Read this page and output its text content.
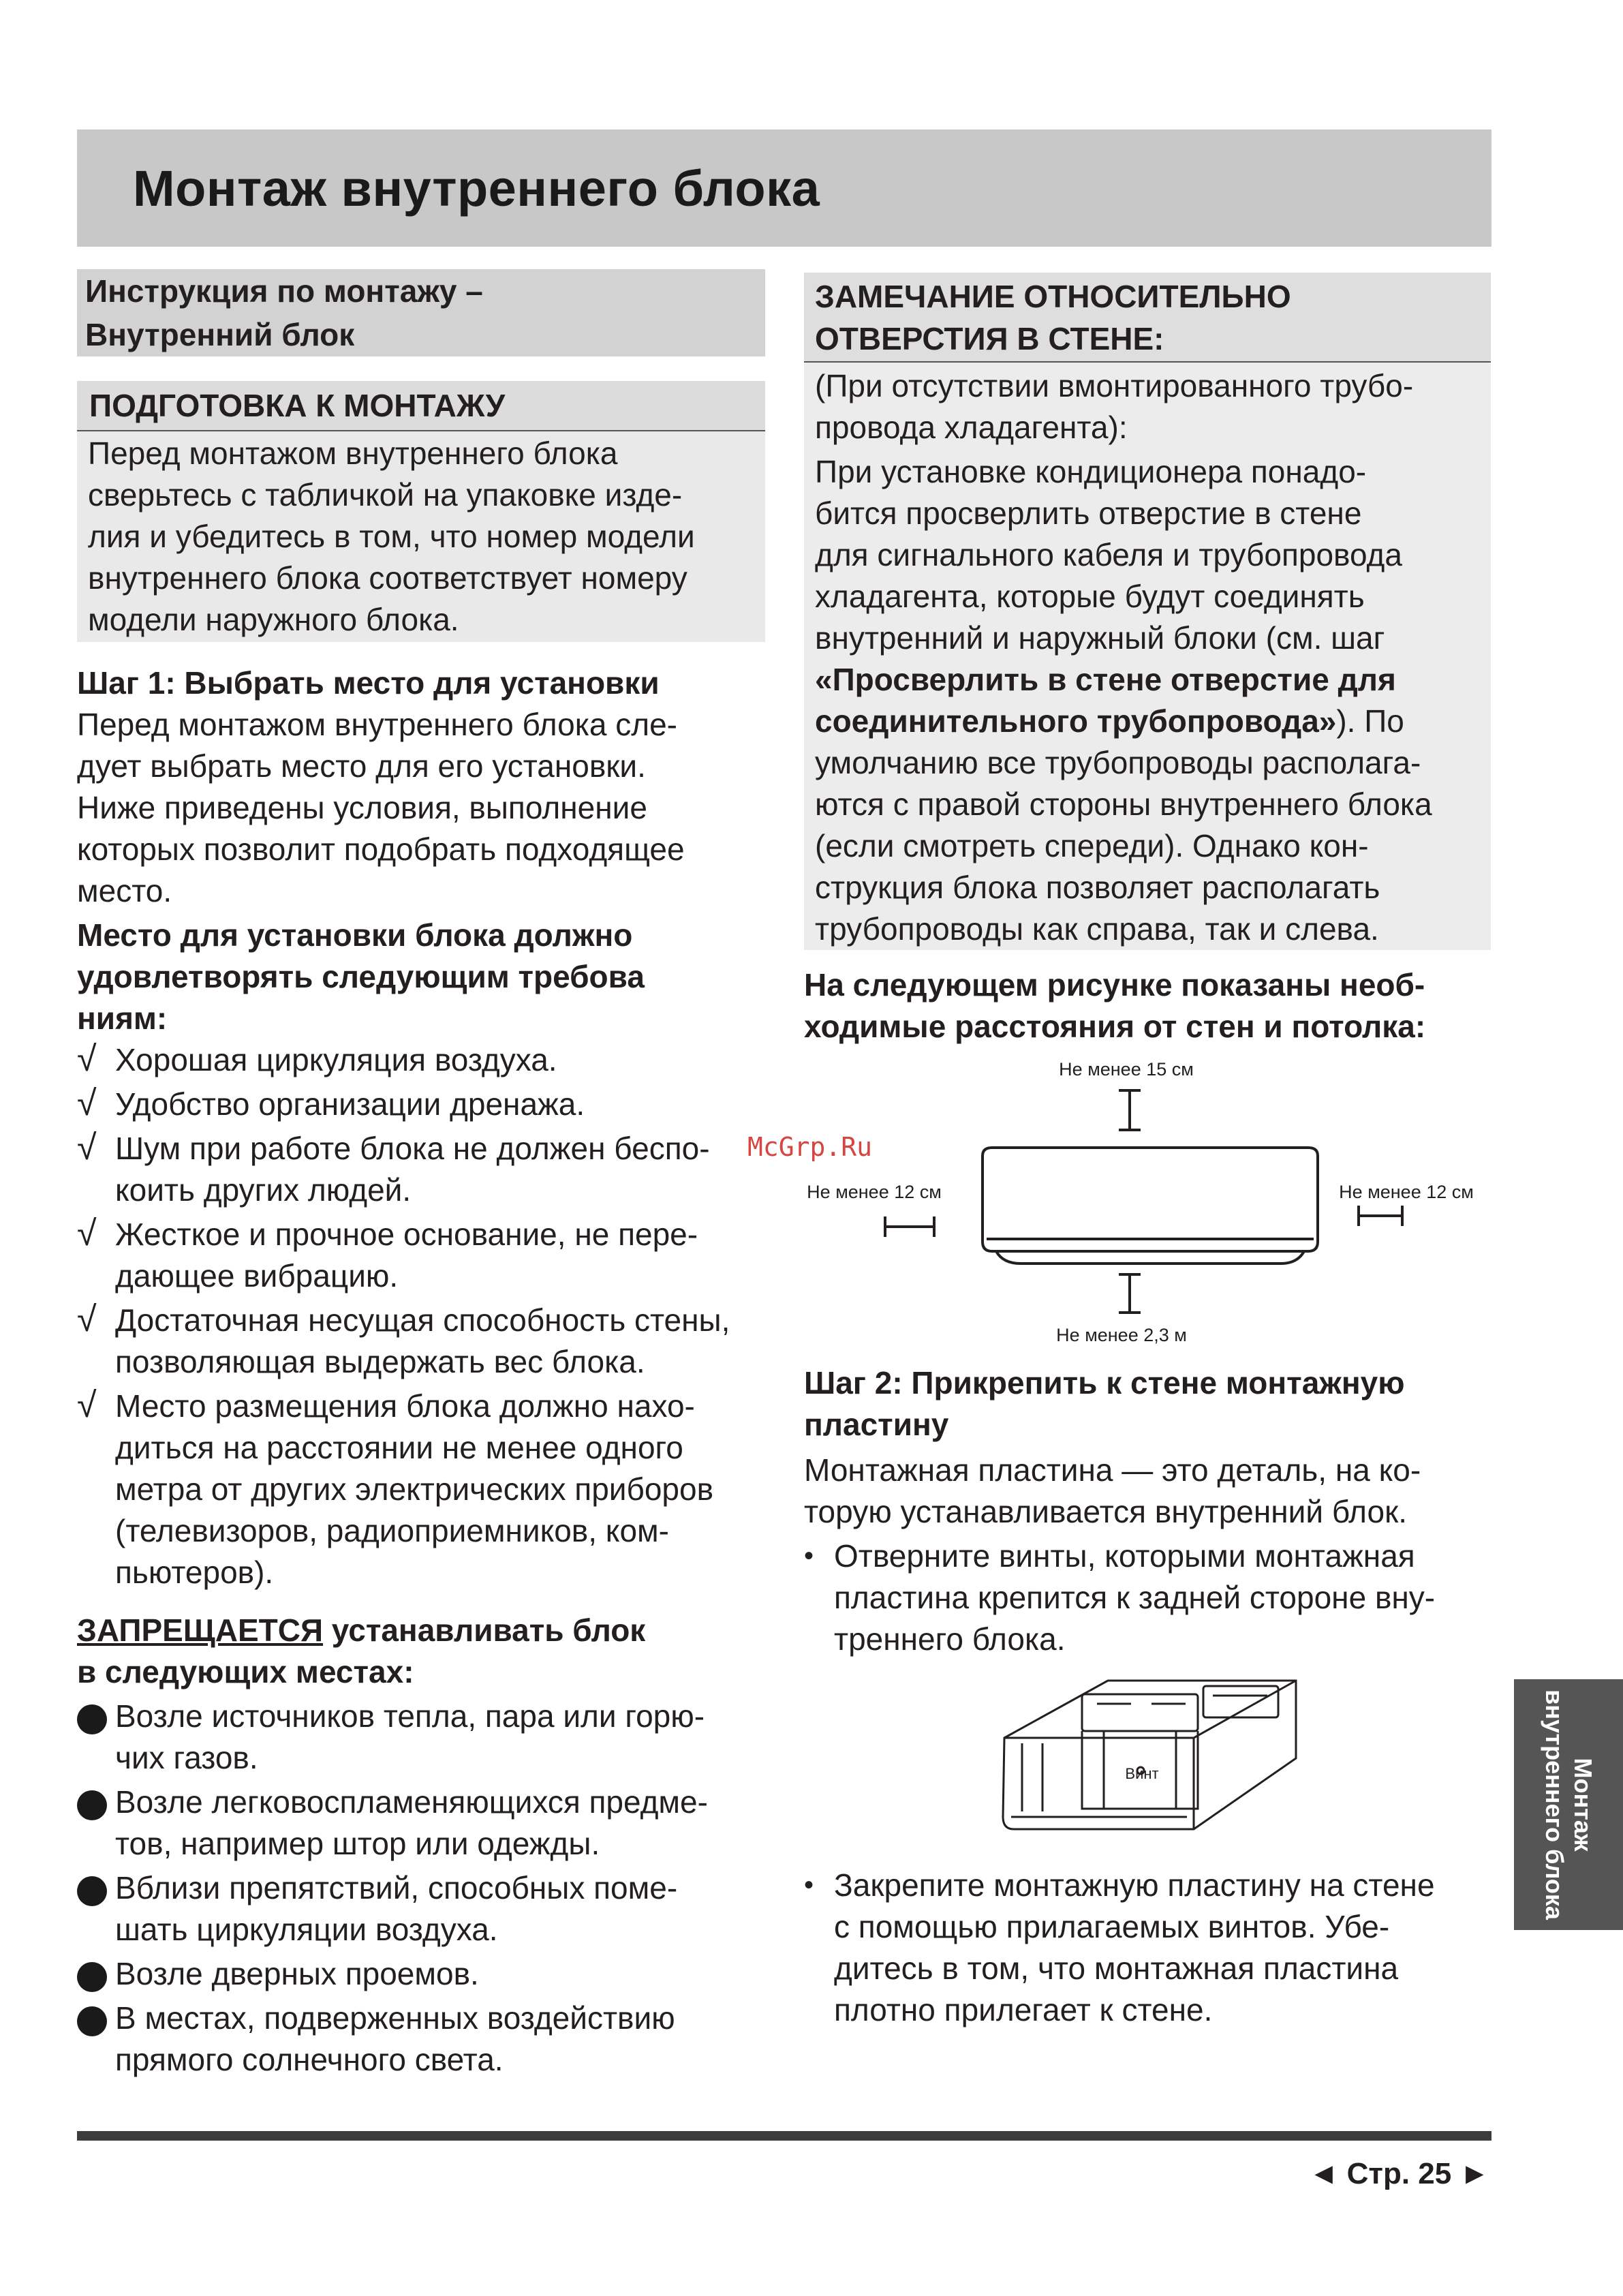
Монтаж внутреннего блока
Инструкция по монтажу –
Внутренний блок
ПОДГОТОВКА К МОНТАЖУ
Перед монтажом внутреннего блока
сверьтесь с табличкой на упаковке изде-
лия и убедитесь в том, что номер модели
внутреннего блока соответствует номеру
модели наружного блока.
Шаг 1: Выбрать место для установки
Перед монтажом внутреннего блока сле-
дует выбрать место для его установки.
Ниже приведены условия, выполнение
которых позволит подобрать подходящее
место.
Место для установки блока должно
удовлетворять следующим требова
ниям:
√ Хорошая циркуляция воздуха.
√ Удобство организации дренажа.
√ Шум при работе блока не должен беспо-
коить других людей.
√ Жесткое и прочное основание, не пере-
дающее вибрацию.
√ Достаточная несущая способность стены,
позволяющая выдержать вес блока.
√ Место размещения блока должно нахо-
диться на расстоянии не менее одного
метра от других электрических приборов
(телевизоров, радиоприемников, ком-
пьютеров).
ЗАПРЕЩАЕТСЯ устанавливать блок
в следующих местах:
Возле источников тепла, пара или горю-
чих газов.
Возле легковоспламеняющихся предме-
тов, например штор или одежды.
Вблизи препятствий, способных поме-
шать циркуляции воздуха.
Возле дверных проемов.
В местах, подверженных воздействию
прямого солнечного света.
ЗАМЕЧАНИЕ ОТНОСИТЕЛЬНО
ОТВЕРСТИЯ В СТЕНЕ:
(При отсутствии вмонтированного трубо-
провода хладагента):
При установке кондиционера понадо-
бится просверлить отверстие в стене
для сигнального кабеля и трубопровода
хладагента, которые будут соединять
внутренний и наружный блоки (см. шаг
«Просверлить в стене отверстие для
соединительного трубопровода»). По
умолчанию все трубопроводы располага-
ются с правой стороны внутреннего блока
(если смотреть спереди). Однако кон-
струкция блока позволяет располагать
трубопроводы как справа, так и слева.
На следующем рисунке показаны необ-
ходимые расстояния от стен и потолка:
Не менее 15 см
Не менее 12 см	Не менее 12 см
Не менее 2,3 м
Шаг 2: Прикрепить к стене монтажную
пластину
Монтажная пластина — это деталь, на ко-
торую устанавливается внутренний блок.
• Отверните винты, которыми монтажная
пластина крепится к задней стороне вну-
треннего блока.
Винт
• Закрепите монтажную пластину на стене
с помощью прилагаемых винтов. Убе-
дитесь в том, что монтажная пластина
плотно прилегает к стене.
Монтаж
внутреннего блока
McGrp.Ru
◄ Стр. 25 ►
